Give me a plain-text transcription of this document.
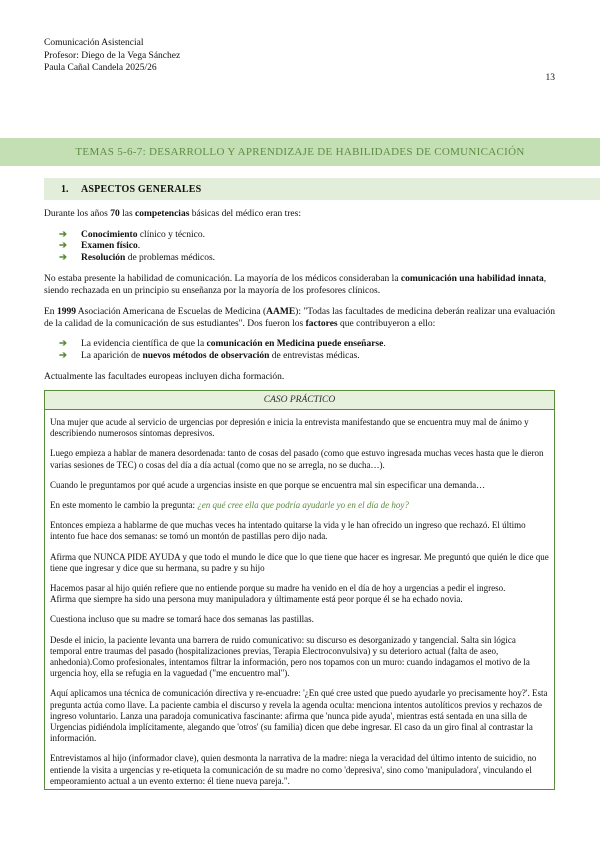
Comunicación Asistencial
Profesor: Diego de la Vega Sánchez
Paula Cañal Candela 2025/26
13
TEMAS 5-6-7: DESARROLLO Y APRENDIZAJE DE HABILIDADES DE COMUNICACIÓN
1.	ASPECTOS GENERALES

Durante los años 70 las competencias básicas del médico eran tres:

➔	Conocimiento clínico y técnico.
➔	Examen físico.
➔	Resolución de problemas médicos.

No estaba presente la habilidad de comunicación. La mayoría de los médicos consideraban la comunicación una habilidad innata, siendo rechazada en un principio su enseñanza por la mayoría de los profesores clínicos.

En 1999 Asociación Americana de Escuelas de Medicina (AAME): "Todas las facultades de medicina deberán realizar una evaluación de la calidad de la comunicación de sus estudiantes". Dos fueron los factores que contribuyeron a ello:

➔	La evidencia científica de que la comunicación en Medicina puede enseñarse.
➔	La aparición de nuevos métodos de observación de entrevistas médicas.

Actualmente las facultades europeas incluyen dicha formación.

CASO PRÁCTICO

Una mujer que acude al servicio de urgencias por depresión e inicia la entrevista manifestando que se encuentra muy mal de ánimo y describiendo numerosos síntomas depresivos.

Luego empieza a hablar de manera desordenada: tanto de cosas del pasado (como que estuvo ingresada muchas veces hasta que le dieron varias sesiones de TEC) o cosas del día a día actual (como que no se arregla, no se ducha…).

Cuando le preguntamos por qué acude a urgencias insiste en que porque se encuentra mal sin especificar una demanda…

En este momento le cambio la pregunta: ¿en qué cree ella que podría ayudarle yo en el día de hoy?

Entonces empieza a hablarme de que muchas veces ha intentado quitarse la vida y le han ofrecido un ingreso que rechazó. El último intento fue hace dos semanas: se tomó un montón de pastillas pero dijo nada.

Afirma que NUNCA PIDE AYUDA y que todo el mundo le dice que lo que tiene que hacer es ingresar. Me preguntó que quién le dice que tiene que ingresar y dice que su hermana, su padre y su hijo

Hacemos pasar al hijo quién refiere que no entiende porque su madre ha venido en el día de hoy a urgencias a pedir el ingreso.
Afirma que siempre ha sido una persona muy manipuladora y últimamente está peor porque él se ha echado novia.

Cuestiona incluso que su madre se tomará hace dos semanas las pastillas.

Desde el inicio, la paciente levanta una barrera de ruido comunicativo: su discurso es desorganizado y tangencial. Salta sin lógica temporal entre traumas del pasado (hospitalizaciones previas, Terapia Electroconvulsiva) y su deterioro actual (falta de aseo, anhedonia).Como profesionales, intentamos filtrar la información, pero nos topamos con un muro: cuando indagamos el motivo de la urgencia hoy, ella se refugia en la vaguedad ("me encuentro mal").

Aquí aplicamos una técnica de comunicación directiva y re-encuadre: '¿En qué cree usted que puedo ayudarle yo precisamente hoy?'. Esta pregunta actúa como llave. La paciente cambia el discurso y revela la agenda oculta: menciona intentos autolíticos previos y rechazos de ingreso voluntario. Lanza una paradoja comunicativa fascinante: afirma que 'nunca pide ayuda', mientras está sentada en una silla de Urgencias pidiéndola implícitamente, alegando que 'otros' (su familia) dicen que debe ingresar. El caso da un giro final al contrastar la información.

Entrevistamos al hijo (informador clave), quien desmonta la narrativa de la madre: niega la veracidad del último intento de suicidio, no entiende la visita a urgencias y re-etiqueta la comunicación de su madre no como 'depresiva', sino como 'manipuladora', vinculando el empeoramiento actual a un evento externo: él tiene nueva pareja.".
